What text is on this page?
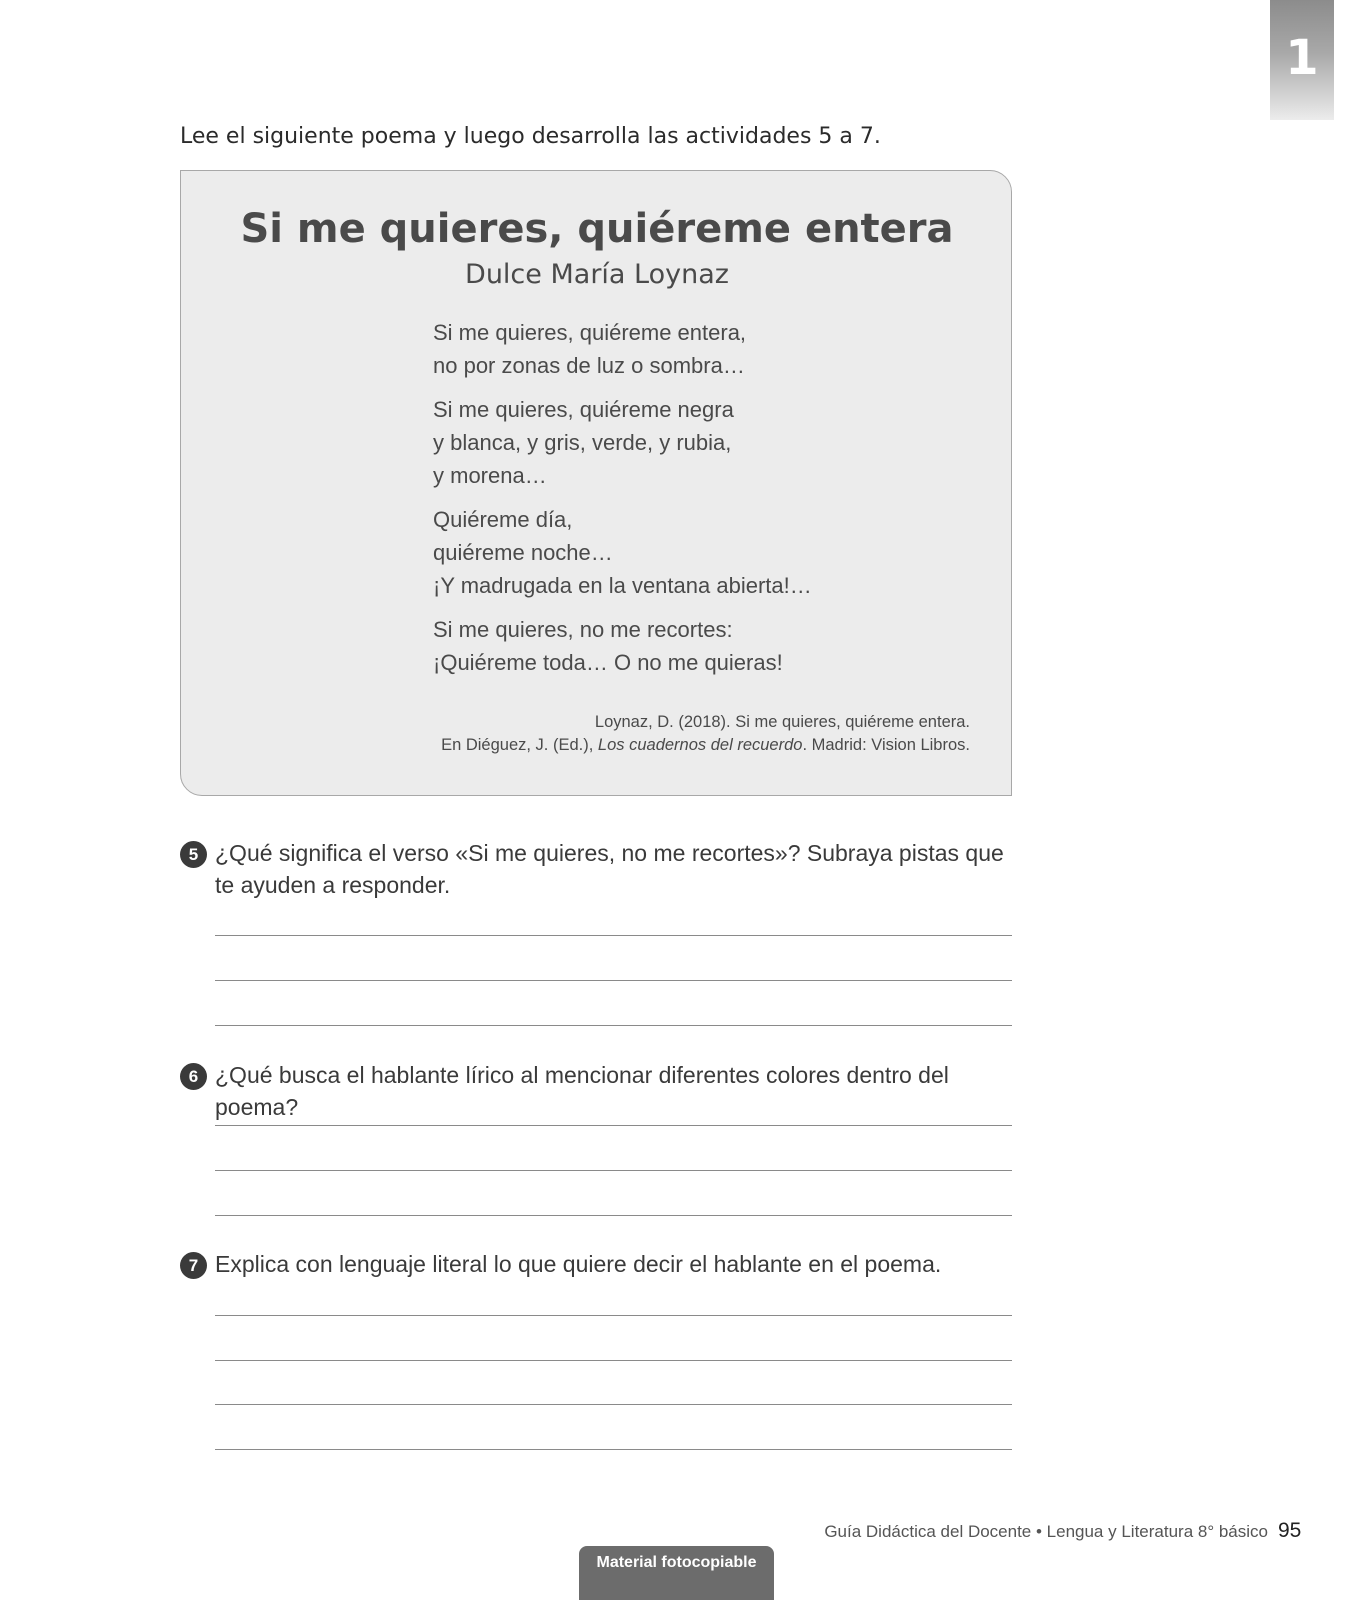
1
Lee el siguiente poema y luego desarrolla las actividades 5 a 7.
Si me quieres, quiéreme entera
Dulce María Loynaz
Si me quieres, quiéreme entera,
no por zonas de luz o sombra…
Si me quieres, quiéreme negra
y blanca, y gris, verde, y rubia,
y morena…
Quiéreme día,
quiéreme noche…
¡Y madrugada en la ventana abierta!…
Si me quieres, no me recortes:
¡Quiéreme toda… O no me quieras!
Loynaz, D. (2018). Si me quieres, quiéreme entera.
En Diéguez, J. (Ed.), Los cuadernos del recuerdo. Madrid: Vision Libros.
5 ¿Qué significa el verso «Si me quieres, no me recortes»? Subraya pistas que te ayuden a responder.
6 ¿Qué busca el hablante lírico al mencionar diferentes colores dentro del poema?
7 Explica con lenguaje literal lo que quiere decir el hablante en el poema.
Guía Didáctica del Docente • Lengua y Literatura 8° básico 95
Material fotocopiable
